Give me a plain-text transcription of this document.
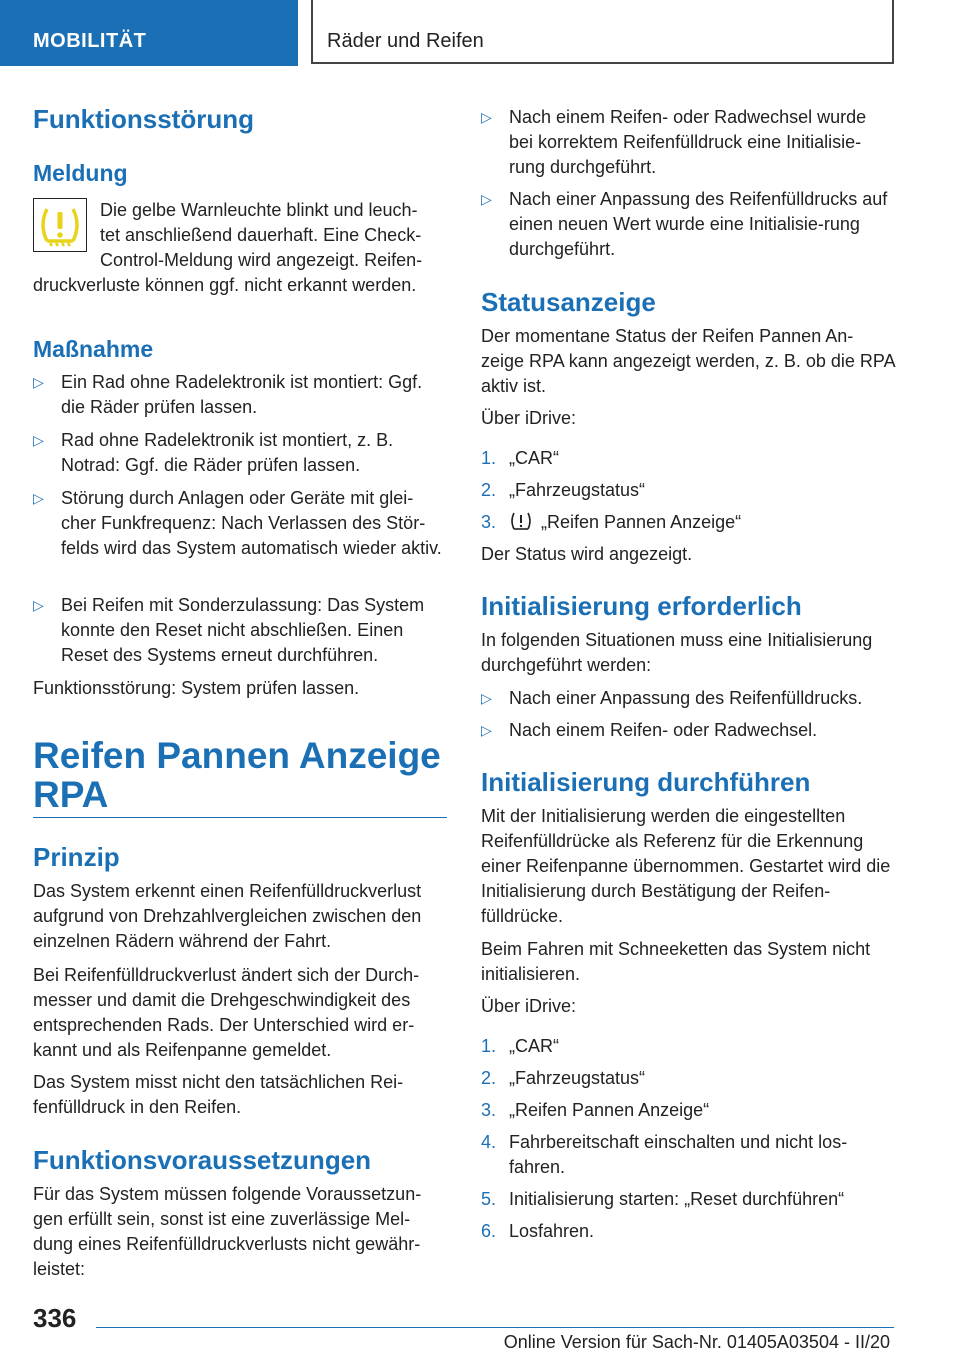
MOBILITÄT	Räder und Reifen
Funktionsstörung
Meldung
Die gelbe Warnleuchte blinkt und leuch-
tet anschließend dauerhaft. Eine Check-
Control-Meldung wird angezeigt. Reifen-
druckverluste können ggf. nicht erkannt werden.
Maßnahme
▷ Ein Rad ohne Radelektronik ist montiert: Ggf. die Räder prüfen lassen.
▷ Rad ohne Radelektronik ist montiert, z. B. Notrad: Ggf. die Räder prüfen lassen.
▷ Störung durch Anlagen oder Geräte mit glei-cher Funkfrequenz: Nach Verlassen des Stör-felds wird das System automatisch wieder aktiv.
▷ Bei Reifen mit Sonderzulassung: Das System konnte den Reset nicht abschließen. Einen Reset des Systems erneut durchführen.
Funktionsstörung: System prüfen lassen.
Reifen Pannen Anzeige
RPA
Prinzip
Das System erkennt einen Reifenfülldruckverlust aufgrund von Drehzahlvergleichen zwischen den einzelnen Rädern während der Fahrt.
Bei Reifenfülldruckverlust ändert sich der Durch-messer und damit die Drehgeschwindigkeit des entsprechenden Rads. Der Unterschied wird er-kannt und als Reifenpanne gemeldet.
Das System misst nicht den tatsächlichen Rei-fenfülldruck in den Reifen.
Funktionsvoraussetzungen
Für das System müssen folgende Voraussetzun-gen erfüllt sein, sonst ist eine zuverlässige Mel-dung eines Reifenfülldruckverlusts nicht gewähr-leistet:
▷ Nach einem Reifen- oder Radwechsel wurde bei korrektem Reifenfülldruck eine Initialisie-rung durchgeführt.
▷ Nach einer Anpassung des Reifenfülldrucks auf einen neuen Wert wurde eine Initialisie-rung durchgeführt.
Statusanzeige
Der momentane Status der Reifen Pannen An-zeige RPA kann angezeigt werden, z. B. ob die RPA aktiv ist.
Über iDrive:
1. „CAR“
2. „Fahrzeugstatus“
3. „Reifen Pannen Anzeige“
Der Status wird angezeigt.
Initialisierung erforderlich
In folgenden Situationen muss eine Initialisierung durchgeführt werden:
▷ Nach einer Anpassung des Reifenfülldrucks.
▷ Nach einem Reifen- oder Radwechsel.
Initialisierung durchführen
Mit der Initialisierung werden die eingestellten Reifenfülldrücke als Referenz für die Erkennung einer Reifenpanne übernommen. Gestartet wird die Initialisierung durch Bestätigung der Reifen-fülldrücke.
Beim Fahren mit Schneeketten das System nicht initialisieren.
Über iDrive:
1. „CAR“
2. „Fahrzeugstatus“
3. „Reifen Pannen Anzeige“
4. Fahrbereitschaft einschalten und nicht los-fahren.
5. Initialisierung starten: „Reset durchführen“
6. Losfahren.
336
Online Version für Sach-Nr. 01405A03504 - II/20
